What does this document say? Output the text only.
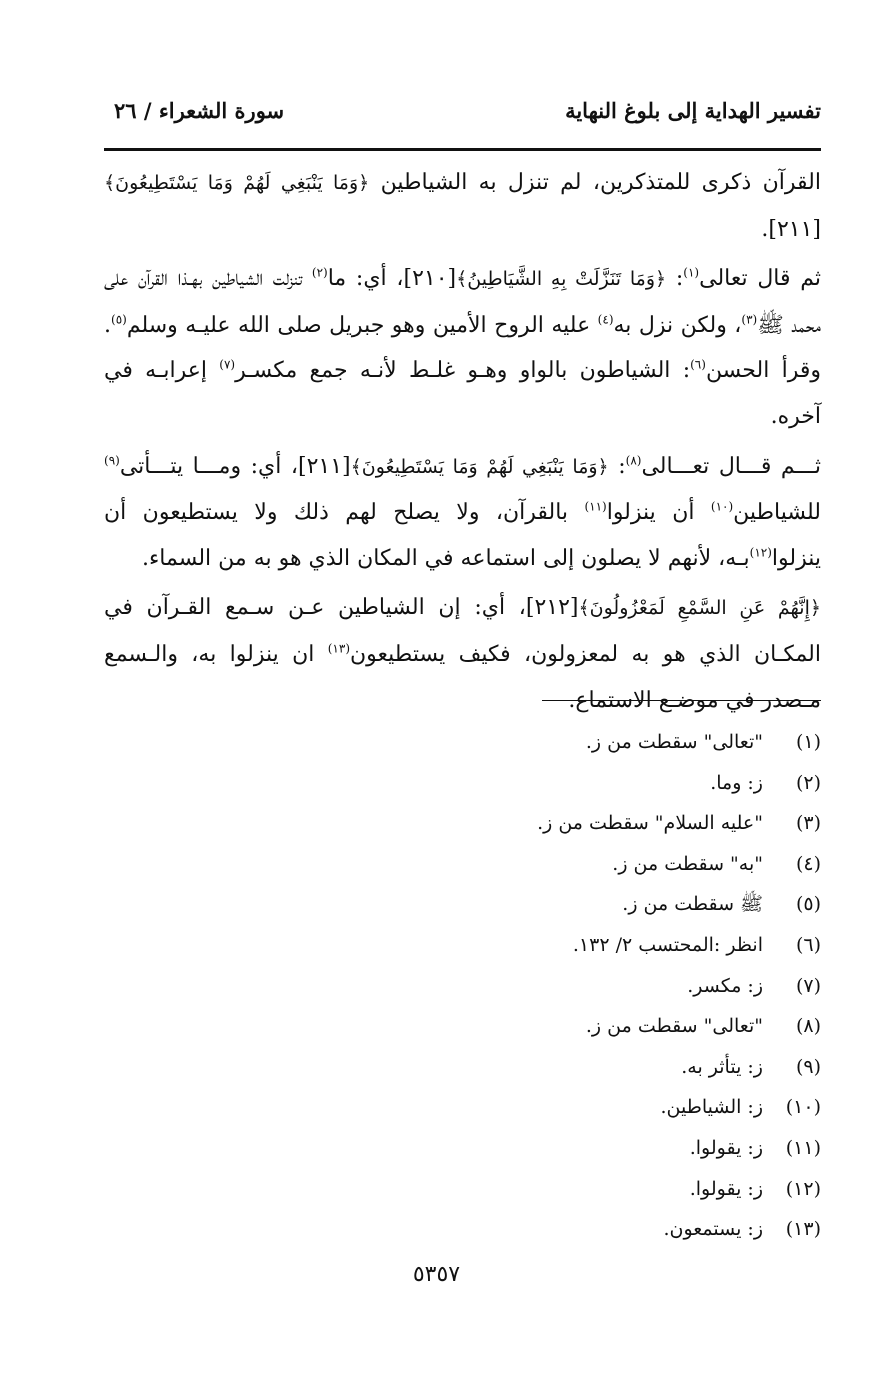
تفسير الهداية إلى بلوغ النهاية
سورة الشعراء / ٢٦

القرآن ذكرى للمتذكرين، لم تنزل به الشياطين ﴿وَمَا يَنْبَغِي لَهُمْ وَمَا يَسْتَطِيعُونَ﴾ [٢١١].

ثم قال تعالى$^{(١)}$: ﴿وَمَا تَنَزَّلَتْ بِهِ الشَّيَاطِينُ﴾[٢١٠]، أي: ما$^{(٢)}$ تنزلت الشياطين بهـذا القرآن على محمد ﷺ$^{(٣)}$، ولكن نزل به$^{(٤)}$ عليه الروح الأمين وهو جبريل صلى الله عليـه وسلم$^{(٥)}$. وقرأ الحسن$^{(٦)}$: الشياطون بالواو وهـو غلـط لأنـه جمع مكسـر$^{(٧)}$ إعرابـه في آخره.

ثـــم قـــال تعـــالى$^{(٨)}$: ﴿وَمَا يَنْبَغِي لَهُمْ وَمَا يَسْتَطِيعُونَ﴾[٢١١]، أي: ومـــا يتـــأتى$^{(٩)}$ للشياطين$^{(١٠)}$ أن ينزلوا$^{(١١)}$ بالقرآن، ولا يصلح لهم ذلك ولا يستطيعون أن ينزلوا$^{(١٢)}$بـه، لأنهم لا يصلون إلى استماعه في المكان الذي هو به من السماء.

﴿إِنَّهُمْ عَنِ السَّمْعِ لَمَعْزُولُونَ﴾[٢١٢]، أي: إن الشياطين عـن سـمع القـرآن في المكـان الذي هو به لمعزولون، فكيف يستطيعون$^{(١٣)}$ ان ينزلوا به، والـسمع مـصدر في موضـع الاستماع.

(١)
"تعالى" سقطت من ز.
(٢)
ز: وما.
(٣)
"عليه السلام" سقطت من ز.
(٤)
"به" سقطت من ز.
(٥)
ﷺ سقطت من ز.
(٦)
انظر :المحتسب ٢/ ١٣٢.
(٧)
ز: مكسر.
(٨)
"تعالى" سقطت من ز.
(٩)
ز: يتأثر به.
(١٠)
ز: الشياطين.
(١١)
ز: يقولوا.
(١٢)
ز: يقولوا.
(١٣)
ز: يستمعون.
٥٣٥٧
